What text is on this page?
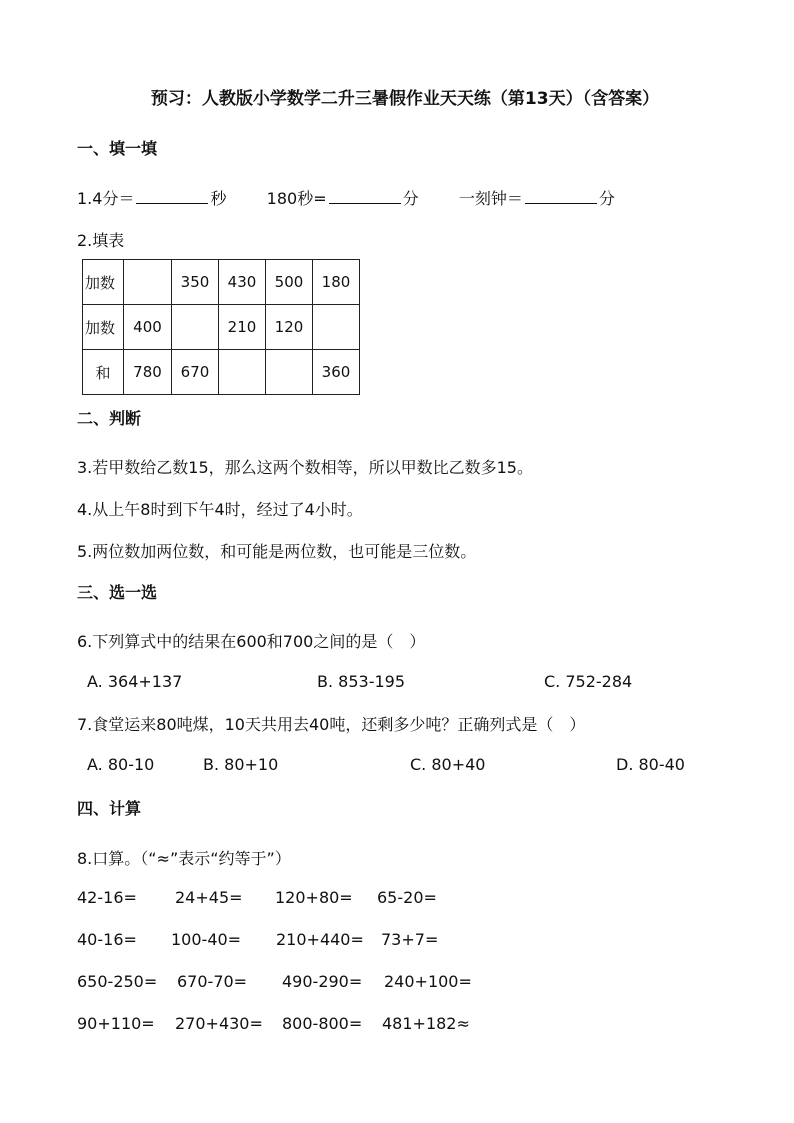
预习：人教版小学数学二升三暑假作业天天练（第13天）（含答案）
一、填一填
1.4分＝	秒	180秒=	分	一刻钟＝	分
2.填表
加数		350	430	500	180
加数	400		210	120	
和	780	670			360
二、判断
3.若甲数给乙数15，那么这两个数相等，所以甲数比乙数多15。
4.从上午8时到下午4时，经过了4小时。
5.两位数加两位数，和可能是两位数，也可能是三位数。
三、选一选
6.下列算式中的结果在600和700之间的是（　）
A. 364+137	B. 853-195	C. 752-284
7.食堂运来80吨煤，10天共用去40吨，还剩多少吨？正确列式是（　）
A. 80-10	B. 80+10	C. 80+40	D. 80-40
四、计算
8.口算。（“≈”表示“约等于”）
42-16= 24+45= 120+80= 65-20=
40-16= 100-40= 210+440= 73+7=
650-250= 670-70= 490-290= 240+100=
90+110= 270+430= 800-800= 481+182≈
